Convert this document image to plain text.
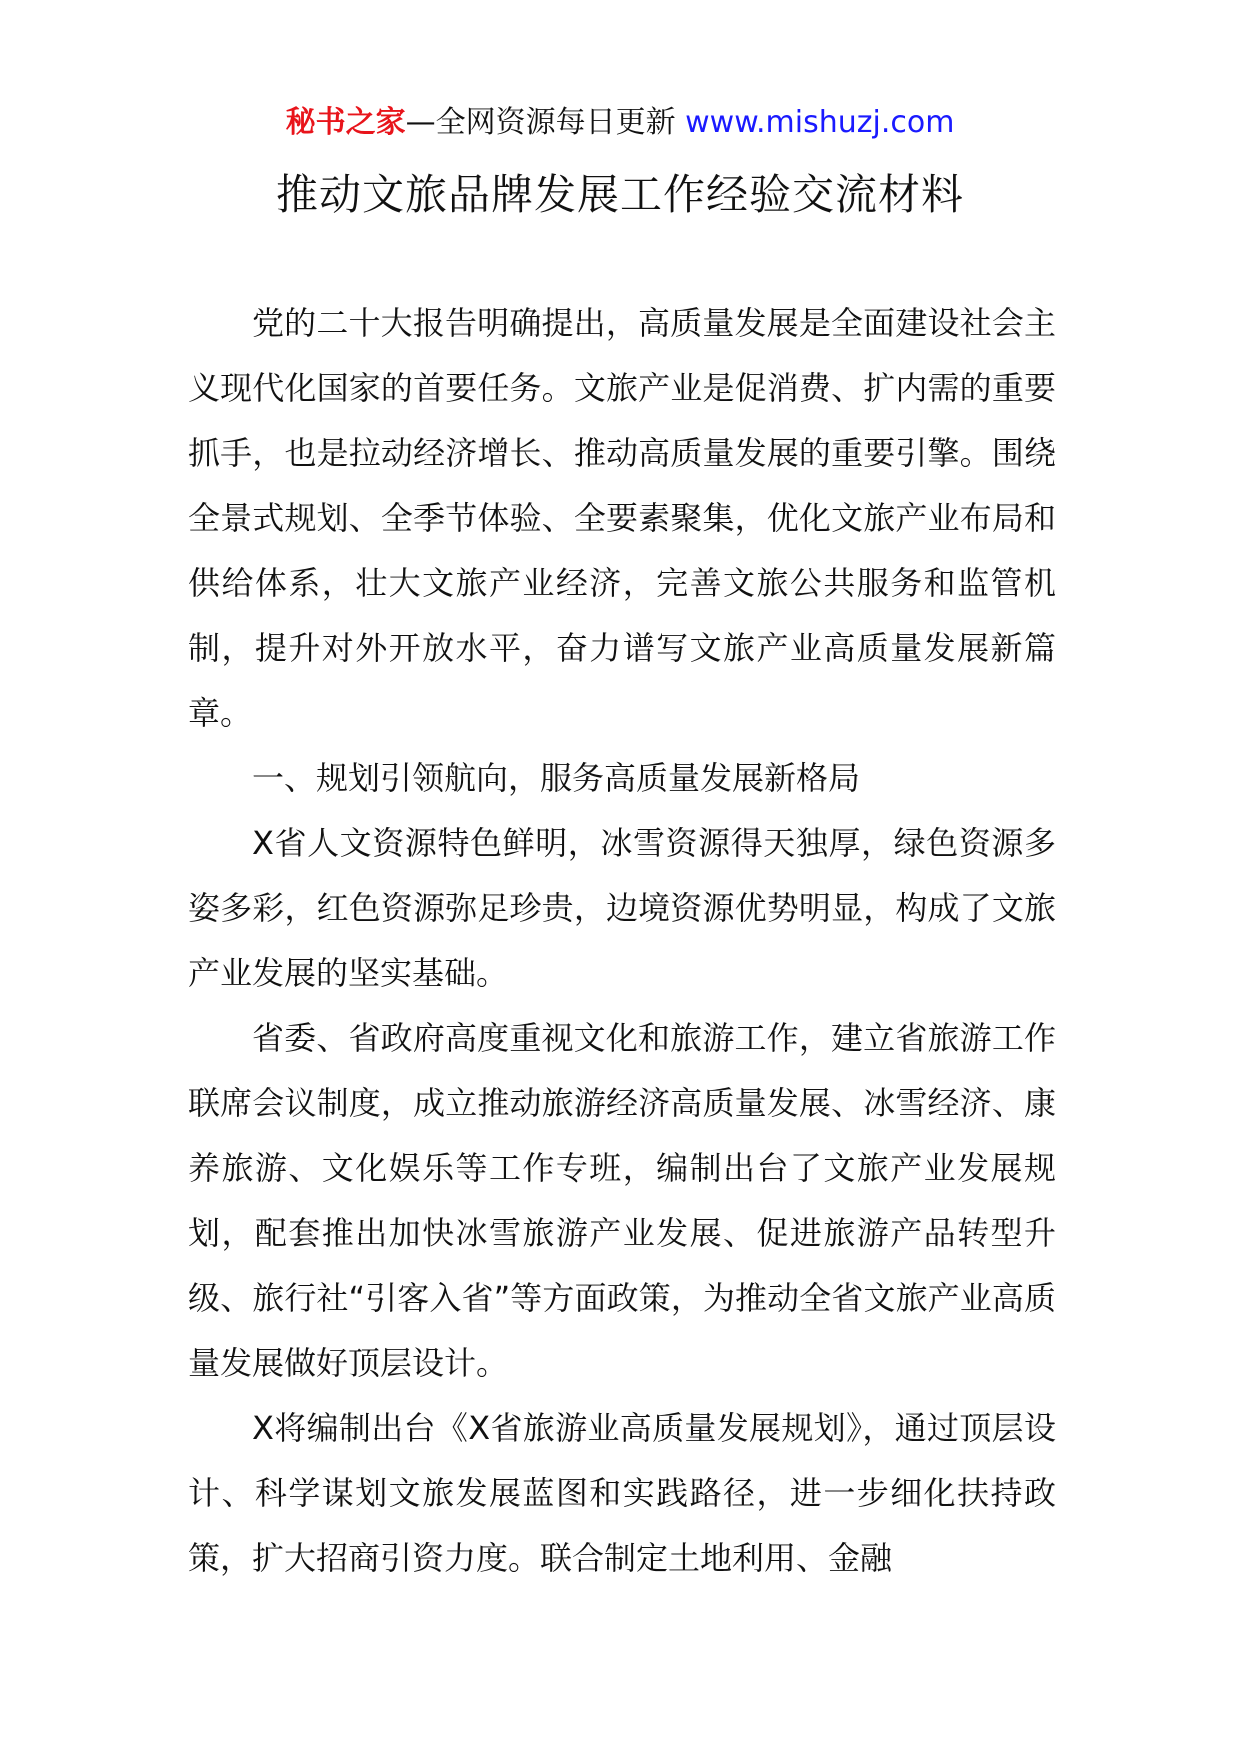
秘书之家—全网资源每日更新 www.mishuzj.com
推动文旅品牌发展工作经验交流材料

党的二十大报告明确提出，高质量发展是全面建设社会主义现代化国家的首要任务。文旅产业是促消费、扩内需的重要抓手，也是拉动经济增长、推动高质量发展的重要引擎。围绕全景式规划、全季节体验、全要素聚集，优化文旅产业布局和供给体系，壮大文旅产业经济，完善文旅公共服务和监管机制，提升对外开放水平，奋力谱写文旅产业高质量发展新篇章。

一、规划引领航向，服务高质量发展新格局

X省人文资源特色鲜明，冰雪资源得天独厚，绿色资源多姿多彩，红色资源弥足珍贵，边境资源优势明显，构成了文旅产业发展的坚实基础。

省委、省政府高度重视文化和旅游工作，建立省旅游工作联席会议制度，成立推动旅游经济高质量发展、冰雪经济、康养旅游、文化娱乐等工作专班，编制出台了文旅产业发展规划，配套推出加快冰雪旅游产业发展、促进旅游产品转型升级、旅行社“引客入省”等方面政策，为推动全省文旅产业高质量发展做好顶层设计。

X将编制出台《X省旅游业高质量发展规划》，通过顶层设计、科学谋划文旅发展蓝图和实践路径，进一步细化扶持政策，扩大招商引资力度。联合制定土地利用、金融
